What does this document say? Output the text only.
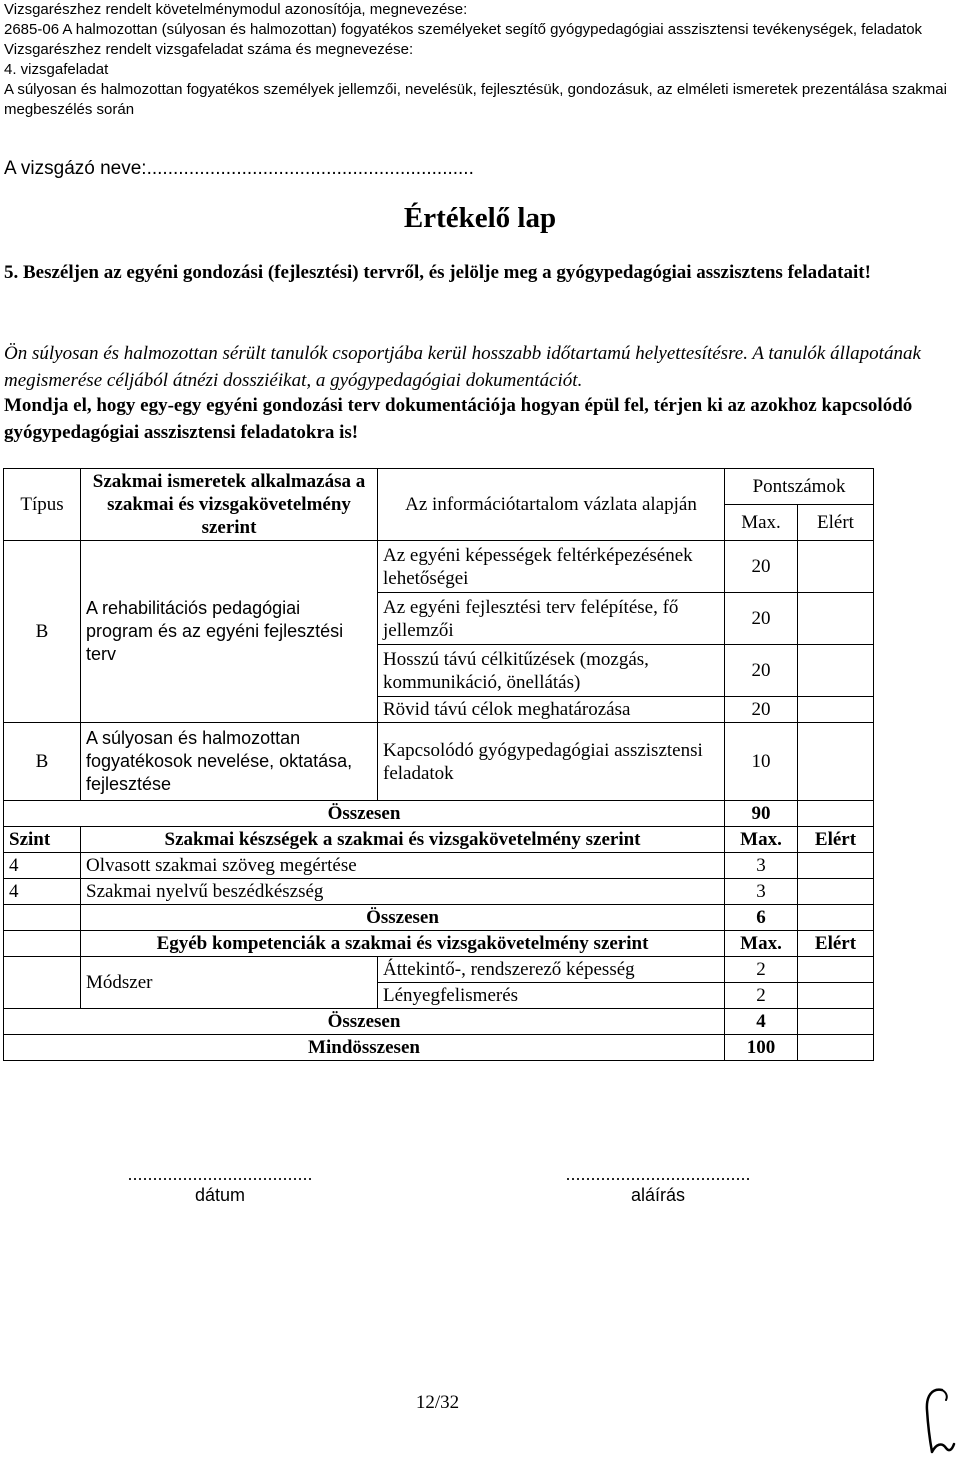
Vizsgarészhez rendelt követelménymodul azonosítója, megnevezése:
2685-06 A halmozottan (súlyosan és halmozottan) fogyatékos személyeket segítő gyógypedagógiai asszisztensi tevékenységek, feladatok
Vizsgarészhez rendelt vizsgafeladat száma és megnevezése:
4. vizsgafeladat
A súlyosan és halmozottan fogyatékos személyek jellemzői, nevelésük, fejlesztésük, gondozásuk, az elméleti ismeretek prezentálása szakmai megbeszélés során
A vizsgázó neve:..............................................................
Értékelő lap
5. Beszéljen az egyéni gondozási (fejlesztési) tervről, és jelölje meg a gyógypedagógiai asszisztens feladatait!
Ön súlyosan és halmozottan sérült tanulók csoportjába kerül hosszabb időtartamú helyettesítésre. A tanulók állapotának megismerése céljából átnézi dossziéikat, a gyógypedagógiai dokumentációt.
Mondja el, hogy egy-egy egyéni gondozási terv dokumentációja hogyan épül fel, térjen ki az azokhoz kapcsolódó gyógypedagógiai asszisztensi feladatokra is!
Típus	Szakmai ismeretek alkalmazása a szakmai és vizsgakövetelmény szerint	Az információtartalom vázlata alapján	Pontszámok	
			Max.	Elért
B	A rehabilitációs pedagógiai program és az egyéni fejlesztési terv	Az egyéni képességek feltérképezésének lehetőségei	20	
		Az egyéni fejlesztési terv felépítése, fő jellemzői	20	
		Hosszú távú célkitűzések (mozgás, kommunikáció, önellátás)	20	
		Rövid távú célok meghatározása	20	
B	A súlyosan és halmozottan fogyatékosok nevelése, oktatása, fejlesztése	Kapcsolódó gyógypedagógiai asszisztensi feladatok	10	
Összesen			90	
Szint	Szakmai készségek a szakmai és vizsgakövetelmény szerint		Max.	Elért
4	Olvasott szakmai szöveg megértése		3	
4	Szakmai nyelvű beszédkészség		3	
	Összesen		6	
	Egyéb kompetenciák a szakmai és vizsgakövetelmény szerint		Max.	Elért
	Módszer	Áttekintő-, rendszerező képesség	2	
		Lényegfelismerés	2	
Összesen			4	
Mindösszesen			100	
.....................................
dátum
.....................................
aláírás
12/32
